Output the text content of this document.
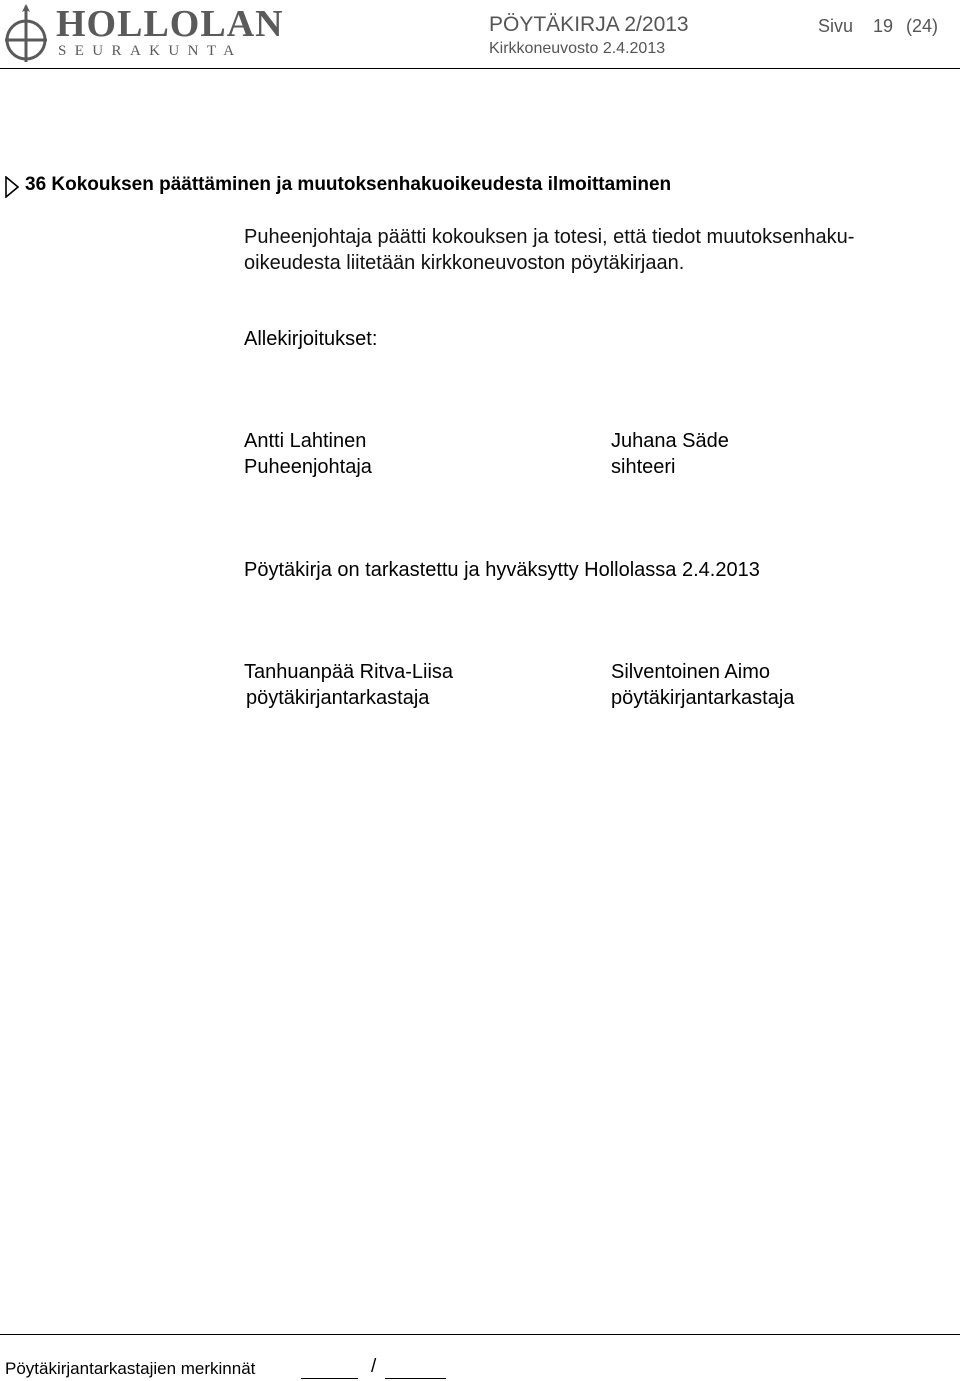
HOLLOLAN
SEURAKUNTA
PÖYTÄKIRJA 2/2013
Kirkkoneuvosto 2.4.2013
Sivu 19 (24)
36 Kokouksen päättäminen ja muutoksenhakuoikeudesta ilmoittaminen
Puheenjohtaja päätti kokouksen ja totesi, että tiedot muutoksenhaku-
oikeudesta liitetään kirkkoneuvoston pöytäkirjaan.
Allekirjoitukset:
Antti Lahtinen
Puheenjohtaja
Juhana Säde
sihteeri
Pöytäkirja on tarkastettu ja hyväksytty Hollolassa 2.4.2013
Tanhuanpää Ritva-Liisa
pöytäkirjantarkastaja
Silventoinen Aimo
pöytäkirjantarkastaja
Pöytäkirjantarkastajien merkinnät	/
